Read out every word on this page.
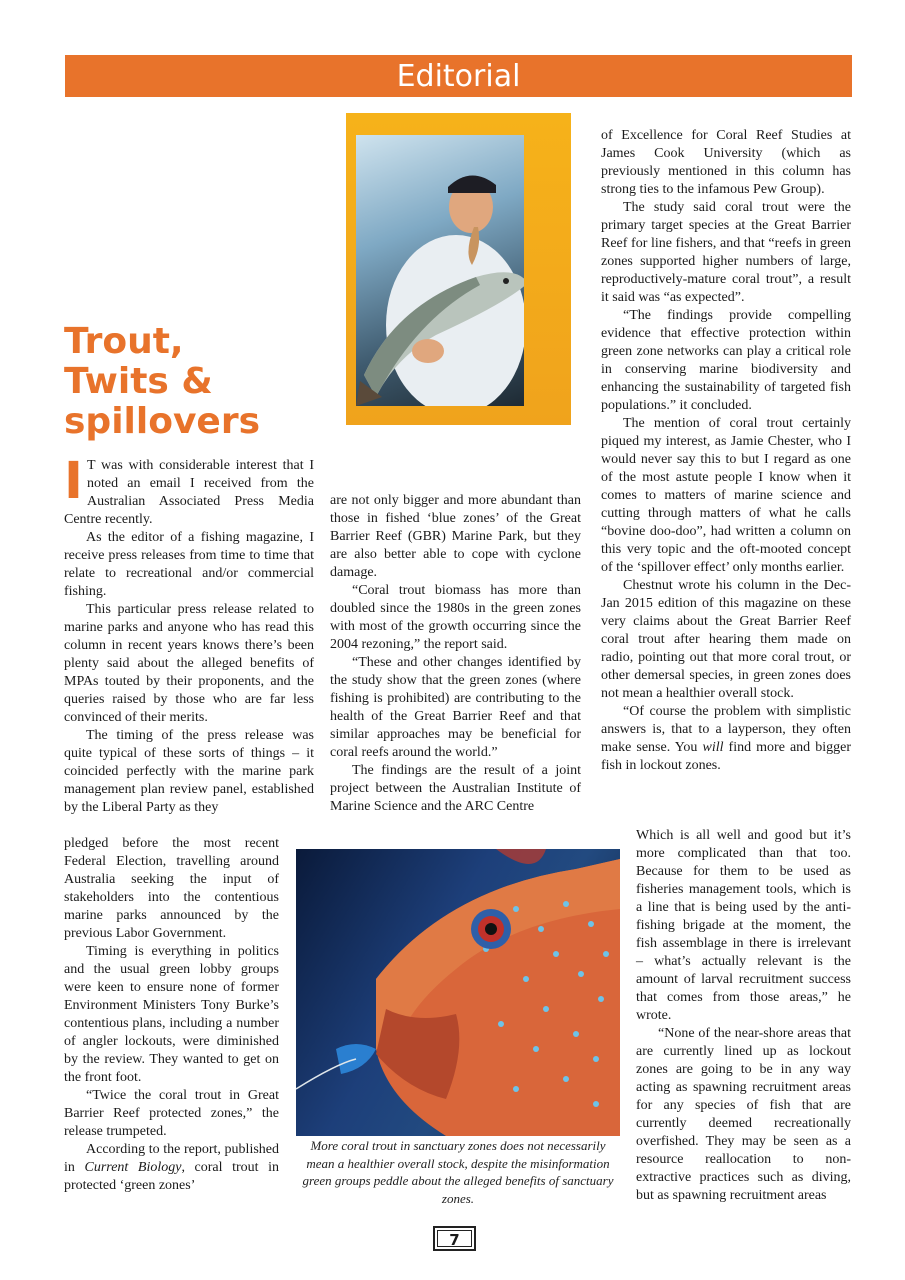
Editorial
Trout,
Twits &
spillovers

I T was with considerable interest that I noted an email I received from the Australian Associated Press Media Centre recently.

As the editor of a fishing magazine, I receive press releases from time to time that relate to recreational and/or commercial fishing.

This particular press release related to marine parks and anyone who has read this column in recent years knows there’s been plenty said about the alleged benefits of MPAs touted by their proponents, and the queries raised by those who are far less convinced of their merits.

The timing of the press release was quite typical of these sorts of things – it coincided perfectly with the marine park management plan review panel, established by the Liberal Party as they

pledged before the most recent Federal Election, travelling around Australia seeking the input of stakeholders into the contentious marine parks announced by the previous Labor Government.

Timing is everything in politics and the usual green lobby groups were keen to ensure none of former Environment Ministers Tony Burke’s contentious plans, including a number of angler lockouts, were diminished by the review. They wanted to get on the front foot.

“Twice the coral trout in Great Barrier Reef protected zones,” the release trumpeted.

According to the report, published in Current Biology, coral trout in protected ‘green zones’

are not only bigger and more abundant than those in fished ‘blue zones’ of the Great Barrier Reef (GBR) Marine Park, but they are also better able to cope with cyclone damage.

“Coral trout biomass has more than doubled since the 1980s in the green zones with most of the growth occurring since the 2004 rezoning,” the report said.

“These and other changes identified by the study show that the green zones (where fishing is prohibited) are contributing to the health of the Great Barrier Reef and that similar approaches may be beneficial for coral reefs around the world.”

The findings are the result of a joint project between the Australian Institute of Marine Science and the ARC Centre

of Excellence for Coral Reef Studies at James Cook University (which as previously mentioned in this column has strong ties to the infamous Pew Group).

The study said coral trout were the primary target species at the Great Barrier Reef for line fishers, and that “reefs in green zones supported higher numbers of large, reproductively-mature coral trout”, a result it said was “as expected”.

“The findings provide compelling evidence that effective protection within green zone networks can play a critical role in conserving marine biodiversity and enhancing the sustainability of targeted fish populations.” it concluded.

The mention of coral trout certainly piqued my interest, as Jamie Chester, who I would never say this to but I regard as one of the most astute people I know when it comes to matters of marine science and cutting through matters of what he calls “bovine doo-doo”, had written a column on this very topic and the oft-mooted concept of the ‘spillover effect’ only months earlier.

Chestnut wrote his column in the Dec-Jan 2015 edition of this magazine on these very claims about the Great Barrier Reef coral trout after hearing them made on radio, pointing out that more coral trout, or other demersal species, in green zones does not mean a healthier overall stock.

“Of course the problem with simplistic answers is, that to a layperson, they often make sense. You will find more and bigger fish in lockout zones.

Which is all well and good but it’s more complicated than that too. Because for them to be used as fisheries management tools, which is a line that is being used by the anti-fishing brigade at the moment, the fish assemblage in there is irrelevant – what’s actually relevant is the amount of larval recruitment success that comes from those areas,” he wrote.

“None of the near-shore areas that are currently lined up as lockout zones are going to be in any way acting as spawning recruitment areas for any species of fish that are currently deemed recreationally overfished. They may be seen as a resource reallocation to non-extractive practices such as diving, but as spawning recruitment areas

More coral trout in sanctuary zones does not necessarily mean a healthier overall stock, despite the misinformation green groups peddle about the alleged benefits of sanctuary zones.

7
